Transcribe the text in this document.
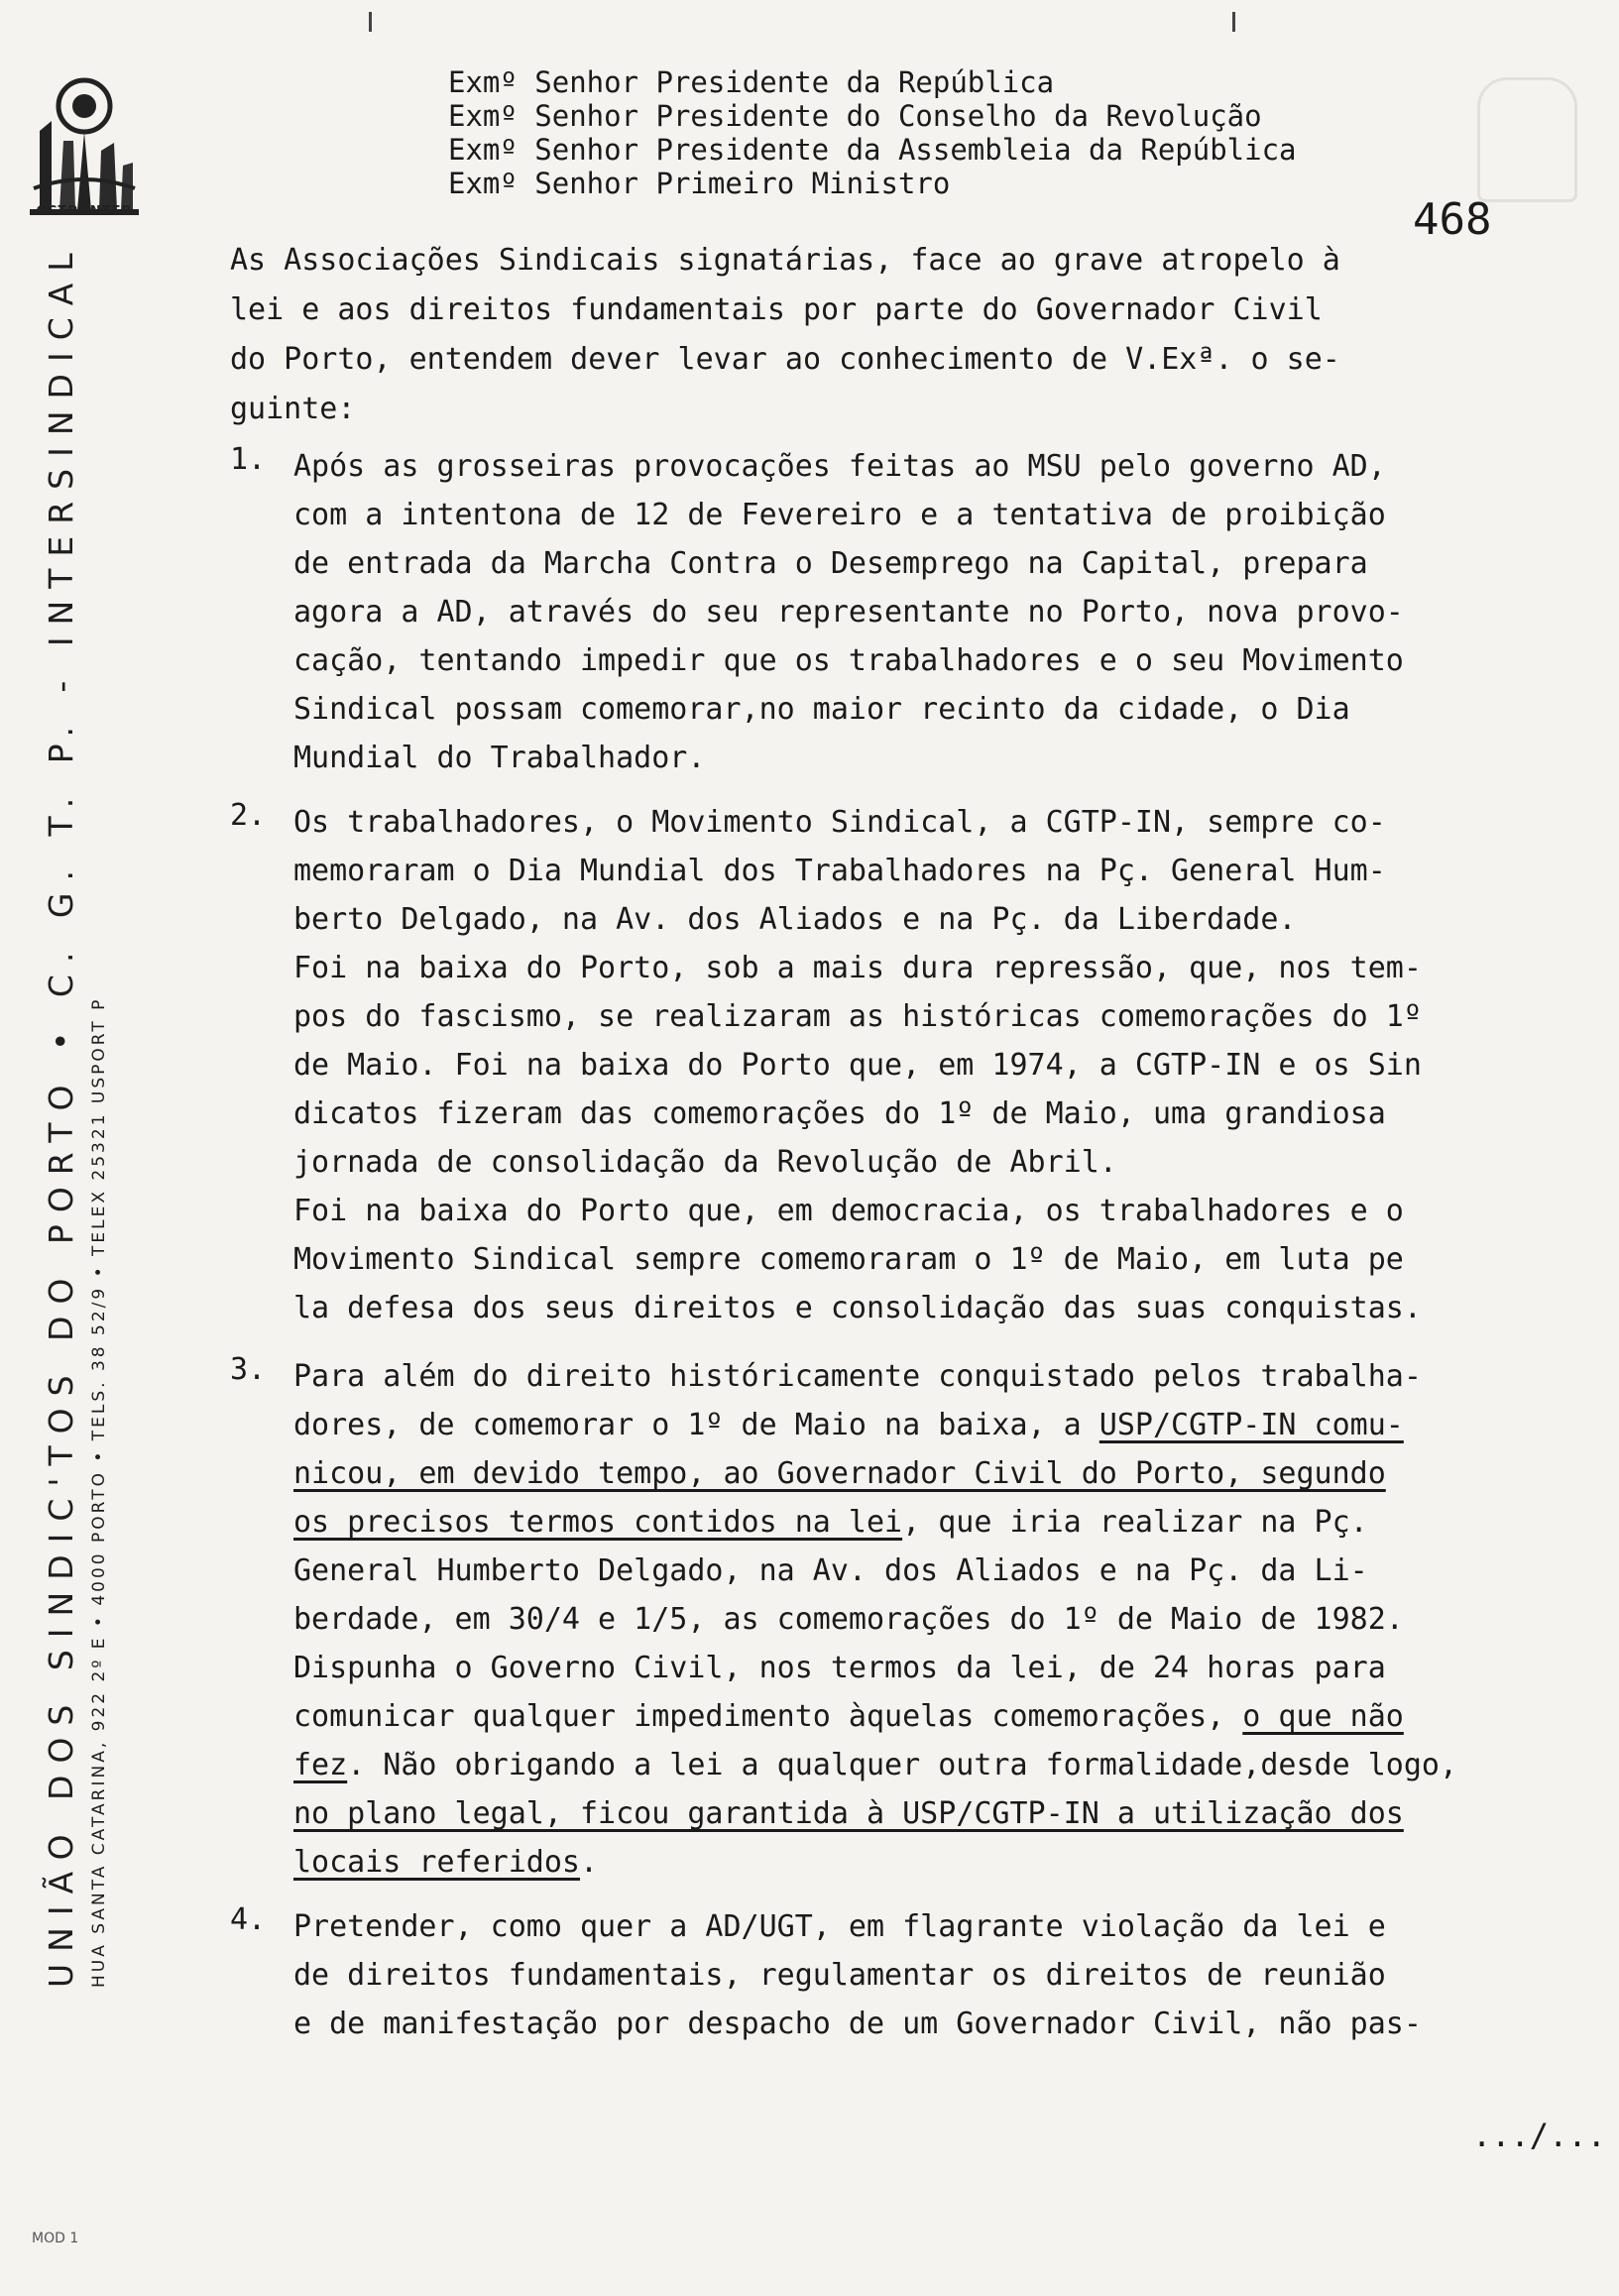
CGTP-INTER
UNIÃO DOS SINDIC'TOS DO PORTO • C. G. T. P. - INTERSINDICAL HUA SANTA CATARINA, 922 2º E • 4000 PORTO • TELS. 38 52/9 • TELEX 25321 USPORT P
Exmº Senhor Presidente da República
Exmº Senhor Presidente do Conselho da Revolução
Exmº Senhor Presidente da Assembleia da República
Exmº Senhor Primeiro Ministro
468
As Associações Sindicais signatárias, face ao grave atropelo à
lei e aos direitos fundamentais por parte do Governador Civil
do Porto, entendem dever levar ao conhecimento de V.Exª. o se-
guinte:
1. Após as grosseiras provocações feitas ao MSU pelo governo AD,
com a intentona de 12 de Fevereiro e a tentativa de proibição
de entrada da Marcha Contra o Desemprego na Capital, prepara
agora a AD, através do seu representante no Porto, nova provo-
cação, tentando impedir que os trabalhadores e o seu Movimento
Sindical possam comemorar,no maior recinto da cidade, o Dia
Mundial do Trabalhador.
2. Os trabalhadores, o Movimento Sindical, a CGTP-IN, sempre co-
memoraram o Dia Mundial dos Trabalhadores na Pç. General Hum-
berto Delgado, na Av. dos Aliados e na Pç. da Liberdade.
Foi na baixa do Porto, sob a mais dura repressão, que, nos tem-
pos do fascismo, se realizaram as históricas comemorações do 1º
de Maio. Foi na baixa do Porto que, em 1974, a CGTP-IN e os Sin
dicatos fizeram das comemorações do 1º de Maio, uma grandiosa
jornada de consolidação da Revolução de Abril.
Foi na baixa do Porto que, em democracia, os trabalhadores e o
Movimento Sindical sempre comemoraram o 1º de Maio, em luta pe
la defesa dos seus direitos e consolidação das suas conquistas.
3. Para além do direito históricamente conquistado pelos trabalha-
dores, de comemorar o 1º de Maio na baixa, a USP/CGTP-IN comu-
nicou, em devido tempo, ao Governador Civil do Porto, segundo
os precisos termos contidos na lei, que iria realizar na Pç.
General Humberto Delgado, na Av. dos Aliados e na Pç. da Li-
berdade, em 30/4 e 1/5, as comemorações do 1º de Maio de 1982.
Dispunha o Governo Civil, nos termos da lei, de 24 horas para
comunicar qualquer impedimento àquelas comemorações, o que não
fez. Não obrigando a lei a qualquer outra formalidade,desde logo,
no plano legal, ficou garantida à USP/CGTP-IN a utilização dos
locais referidos.
4. Pretender, como quer a AD/UGT, em flagrante violação da lei e
de direitos fundamentais, regulamentar os direitos de reunião
e de manifestação por despacho de um Governador Civil, não pas-
.../...
MOD 1
